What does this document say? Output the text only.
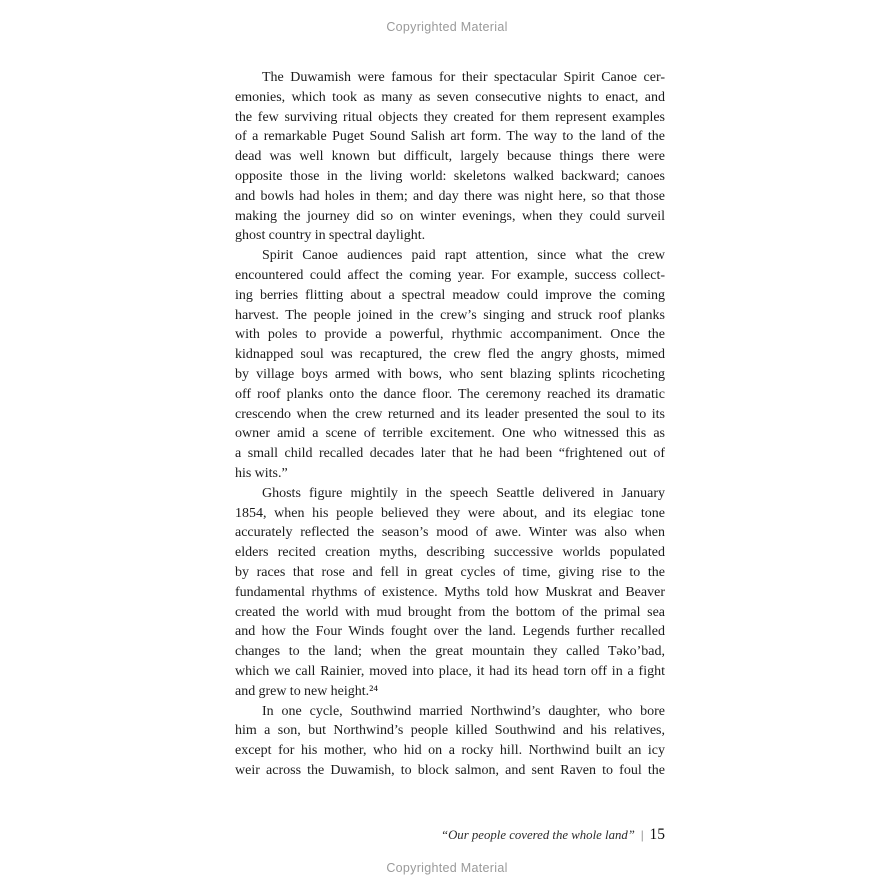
Copyrighted Material
The Duwamish were famous for their spectacular Spirit Canoe cer-
emonies, which took as many as seven consecutive nights to enact, and
the few surviving ritual objects they created for them represent examples
of a remarkable Puget Sound Salish art form. The way to the land of the
dead was well known but difficult, largely because things there were
opposite those in the living world: skeletons walked backward; canoes
and bowls had holes in them; and day there was night here, so that those
making the journey did so on winter evenings, when they could surveil
ghost country in spectral daylight.
Spirit Canoe audiences paid rapt attention, since what the crew
encountered could affect the coming year. For example, success collect-
ing berries flitting about a spectral meadow could improve the coming
harvest. The people joined in the crew’s singing and struck roof planks
with poles to provide a powerful, rhythmic accompaniment. Once the
kidnapped soul was recaptured, the crew fled the angry ghosts, mimed
by village boys armed with bows, who sent blazing splints ricocheting
off roof planks onto the dance floor. The ceremony reached its dramatic
crescendo when the crew returned and its leader presented the soul to its
owner amid a scene of terrible excitement. One who witnessed this as
a small child recalled decades later that he had been “frightened out of
his wits.”
Ghosts figure mightily in the speech Seattle delivered in January
1854, when his people believed they were about, and its elegiac tone
accurately reflected the season’s mood of awe. Winter was also when
elders recited creation myths, describing successive worlds populated
by races that rose and fell in great cycles of time, giving rise to the
fundamental rhythms of existence. Myths told how Muskrat and Beaver
created the world with mud brought from the bottom of the primal sea
and how the Four Winds fought over the land. Legends further recalled
changes to the land; when the great mountain they called Təkoʼbad,
which we call Rainier, moved into place, it had its head torn off in a fight
and grew to new height.²⁴
In one cycle, Southwind married Northwind’s daughter, who bore
him a son, but Northwind’s people killed Southwind and his relatives,
except for his mother, who hid on a rocky hill. Northwind built an icy
weir across the Duwamish, to block salmon, and sent Raven to foul the
“Our people covered the whole land” | 15
Copyrighted Material
